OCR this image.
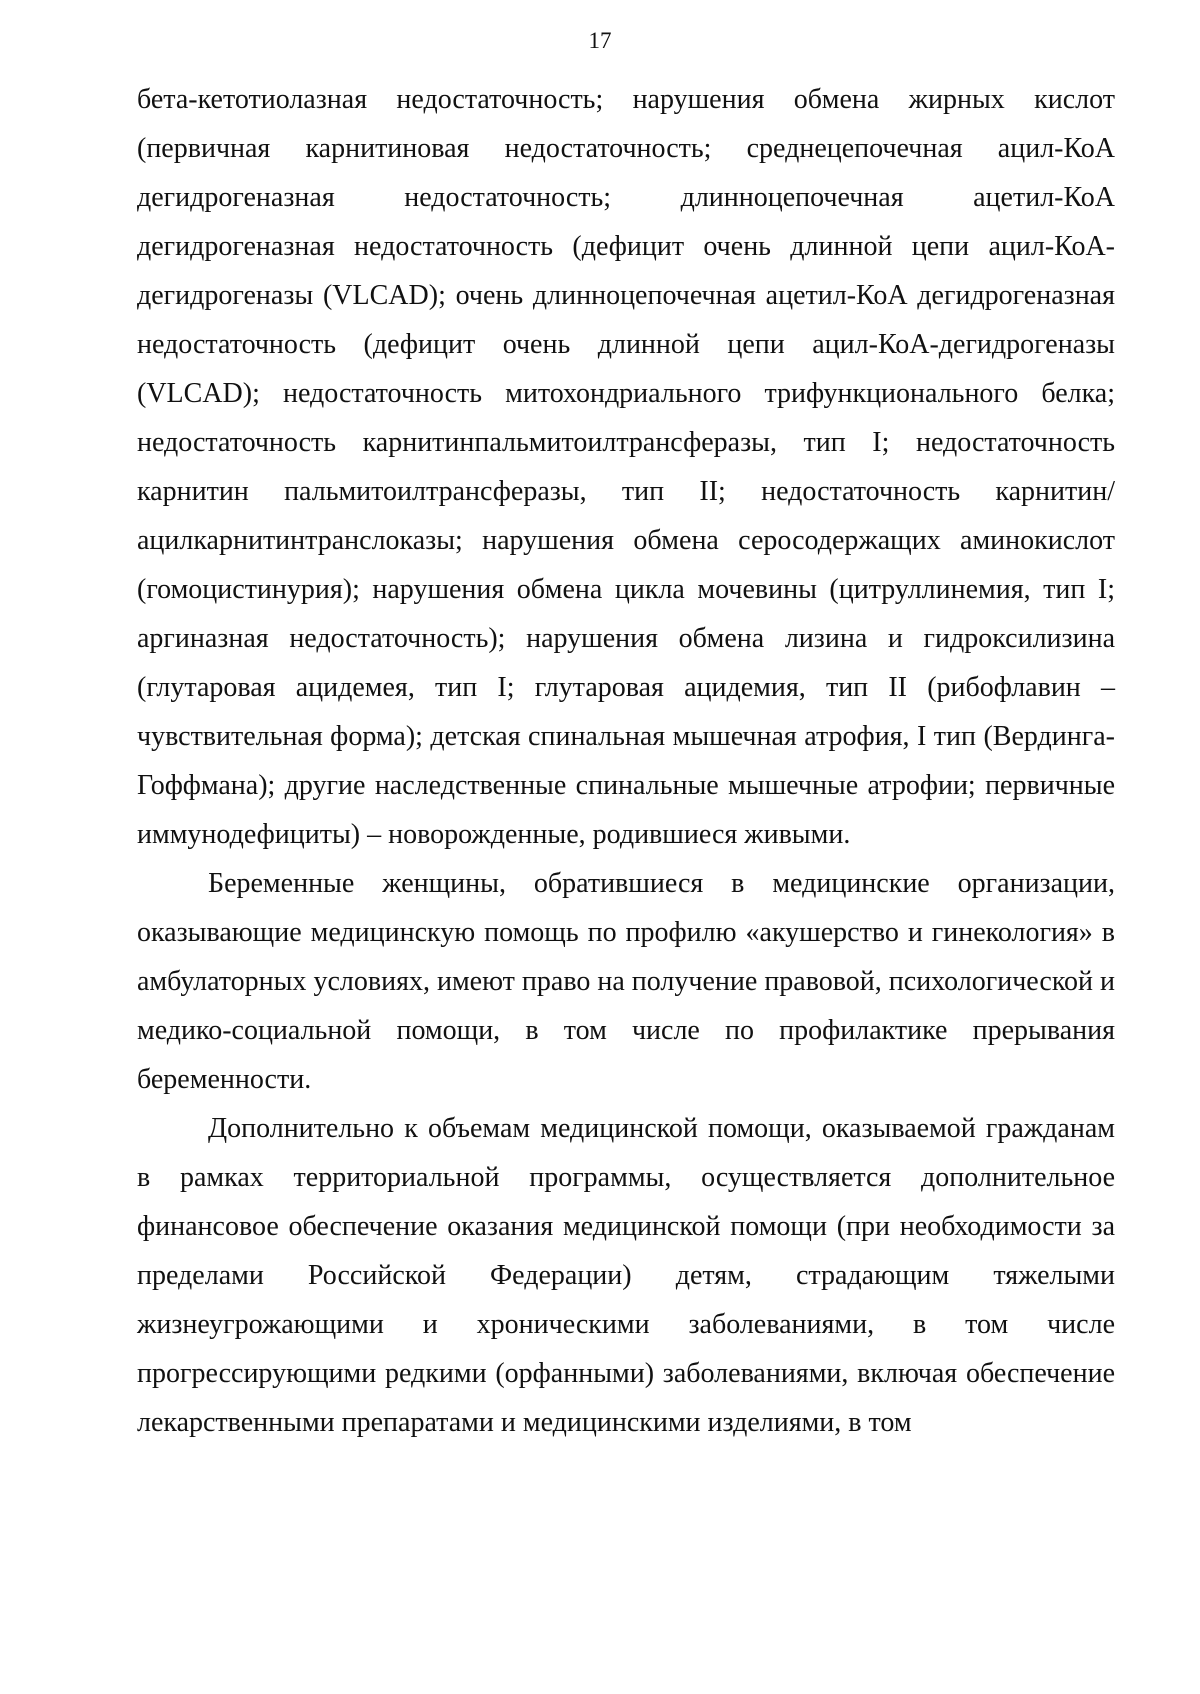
17

бета-кетотиолазная недостаточность; нарушения обмена жирных кислот (первичная карнитиновая недостаточность; среднецепочечная ацил-КоА дегидрогеназная недостаточность; длинноцепочечная ацетил-КоА дегидрогеназная недостаточность (дефицит очень длинной цепи ацил-КоА-дегидрогеназы (VLCAD); очень длинноцепочечная ацетил-КоА дегидрогеназная недостаточность (дефицит очень длинной цепи ацил-КоА-дегидрогеназы (VLCAD); недостаточность митохондриального трифункционального белка; недостаточность карнитинпальмитоилтрансферазы, тип I; недостаточность карнитин пальмитоилтрансферазы, тип II; недостаточность карнитин/ацилкарнитинтранслоказы; нарушения обмена серосодержащих аминокислот (гомоцистинурия); нарушения обмена цикла мочевины (цитруллинемия, тип I; аргиназная недостаточность); нарушения обмена лизина и гидроксилизина (глутаровая ацидемея, тип I; глутаровая ацидемия, тип II (рибофлавин – чувствительная форма); детская спинальная мышечная атрофия, I тип (Вердинга-Гоффмана); другие наследственные спинальные мышечные атрофии; первичные иммунодефициты) – новорожденные, родившиеся живыми.

Беременные женщины, обратившиеся в медицинские организации, оказывающие медицинскую помощь по профилю «акушерство и гинекология» в амбулаторных условиях, имеют право на получение правовой, психологической и медико-социальной помощи, в том числе по профилактике прерывания беременности.

Дополнительно к объемам медицинской помощи, оказываемой гражданам в рамках территориальной программы, осуществляется дополнительное финансовое обеспечение оказания медицинской помощи (при необходимости за пределами Российской Федерации) детям, страдающим тяжелыми жизнеугрожающими и хроническими заболеваниями, в том числе прогрессирующими редкими (орфанными) заболеваниями, включая обеспечение лекарственными препаратами и медицинскими изделиями, в том
